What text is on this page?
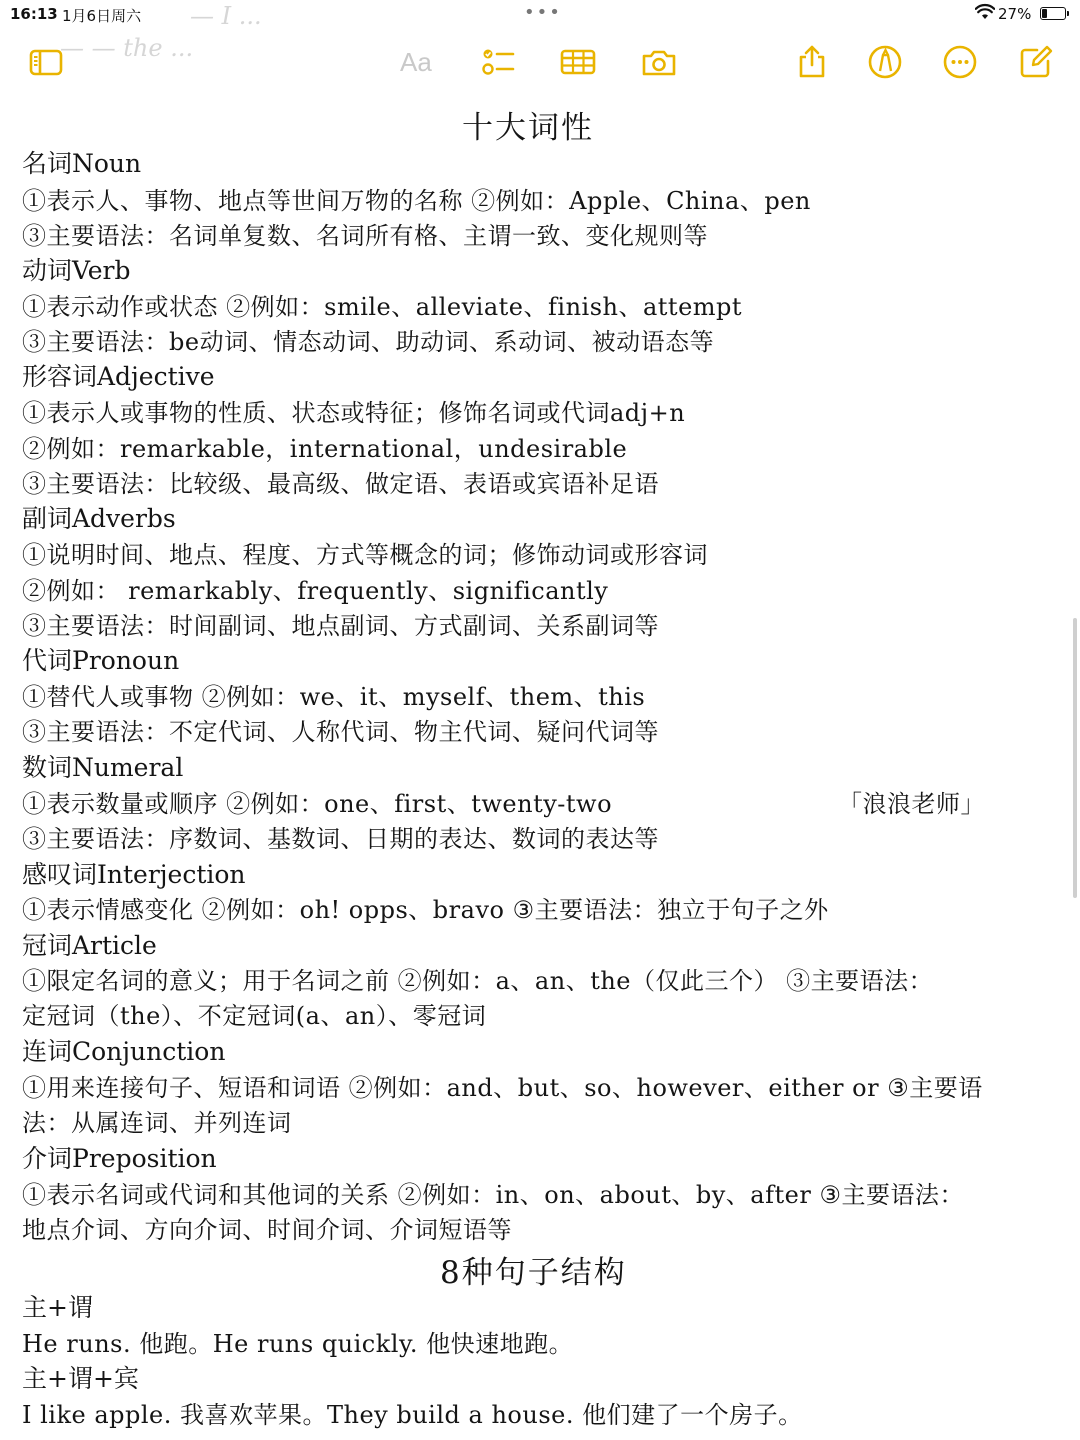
— I ...
— — the ...
16:13 1月6日周六	•••	27%
Aa
十大词性
名词Noun
①表示人、事物、地点等世间万物的名称 ②例如：Apple、China、pen
③主要语法：名词单复数、名词所有格、主谓一致、变化规则等
动词Verb
①表示动作或状态 ②例如：smile、alleviate、finish、attempt
③主要语法：be动词、情态动词、助动词、系动词、被动语态等
形容词Adjective
①表示人或事物的性质、状态或特征；修饰名词或代词adj+n
②例如：remarkable，international，undesirable
③主要语法：比较级、最高级、做定语、表语或宾语补足语
副词Adverbs
①说明时间、地点、程度、方式等概念的词；修饰动词或形容词
②例如： remarkably、frequently、significantly
③主要语法：时间副词、地点副词、方式副词、关系副词等
代词Pronoun
①替代人或事物 ②例如：we、it、myself、them、this
③主要语法：不定代词、人称代词、物主代词、疑问代词等
数词Numeral
①表示数量或顺序 ②例如：one、first、twenty-two	「浪浪老师」
③主要语法：序数词、基数词、日期的表达、数词的表达等
感叹词Interjection
①表示情感变化 ②例如：oh! opps、bravo ③主要语法：独立于句子之外
冠词Article
①限定名词的意义；用于名词之前 ②例如：a、an、the（仅此三个） ③主要语法：
定冠词（the）、不定冠词(a、an）、零冠词
连词Conjunction
①用来连接句子、短语和词语 ②例如：and、but、so、however、either or ③主要语
法：从属连词、并列连词
介词Preposition
①表示名词或代词和其他词的关系 ②例如：in、on、about、by、after ③主要语法：
地点介词、方向介词、时间介词、介词短语等
8种句子结构
主+谓
He runs. 他跑。He runs quickly. 他快速地跑。
主+谓+宾
I like apple. 我喜欢苹果。They build a house. 他们建了一个房子。
